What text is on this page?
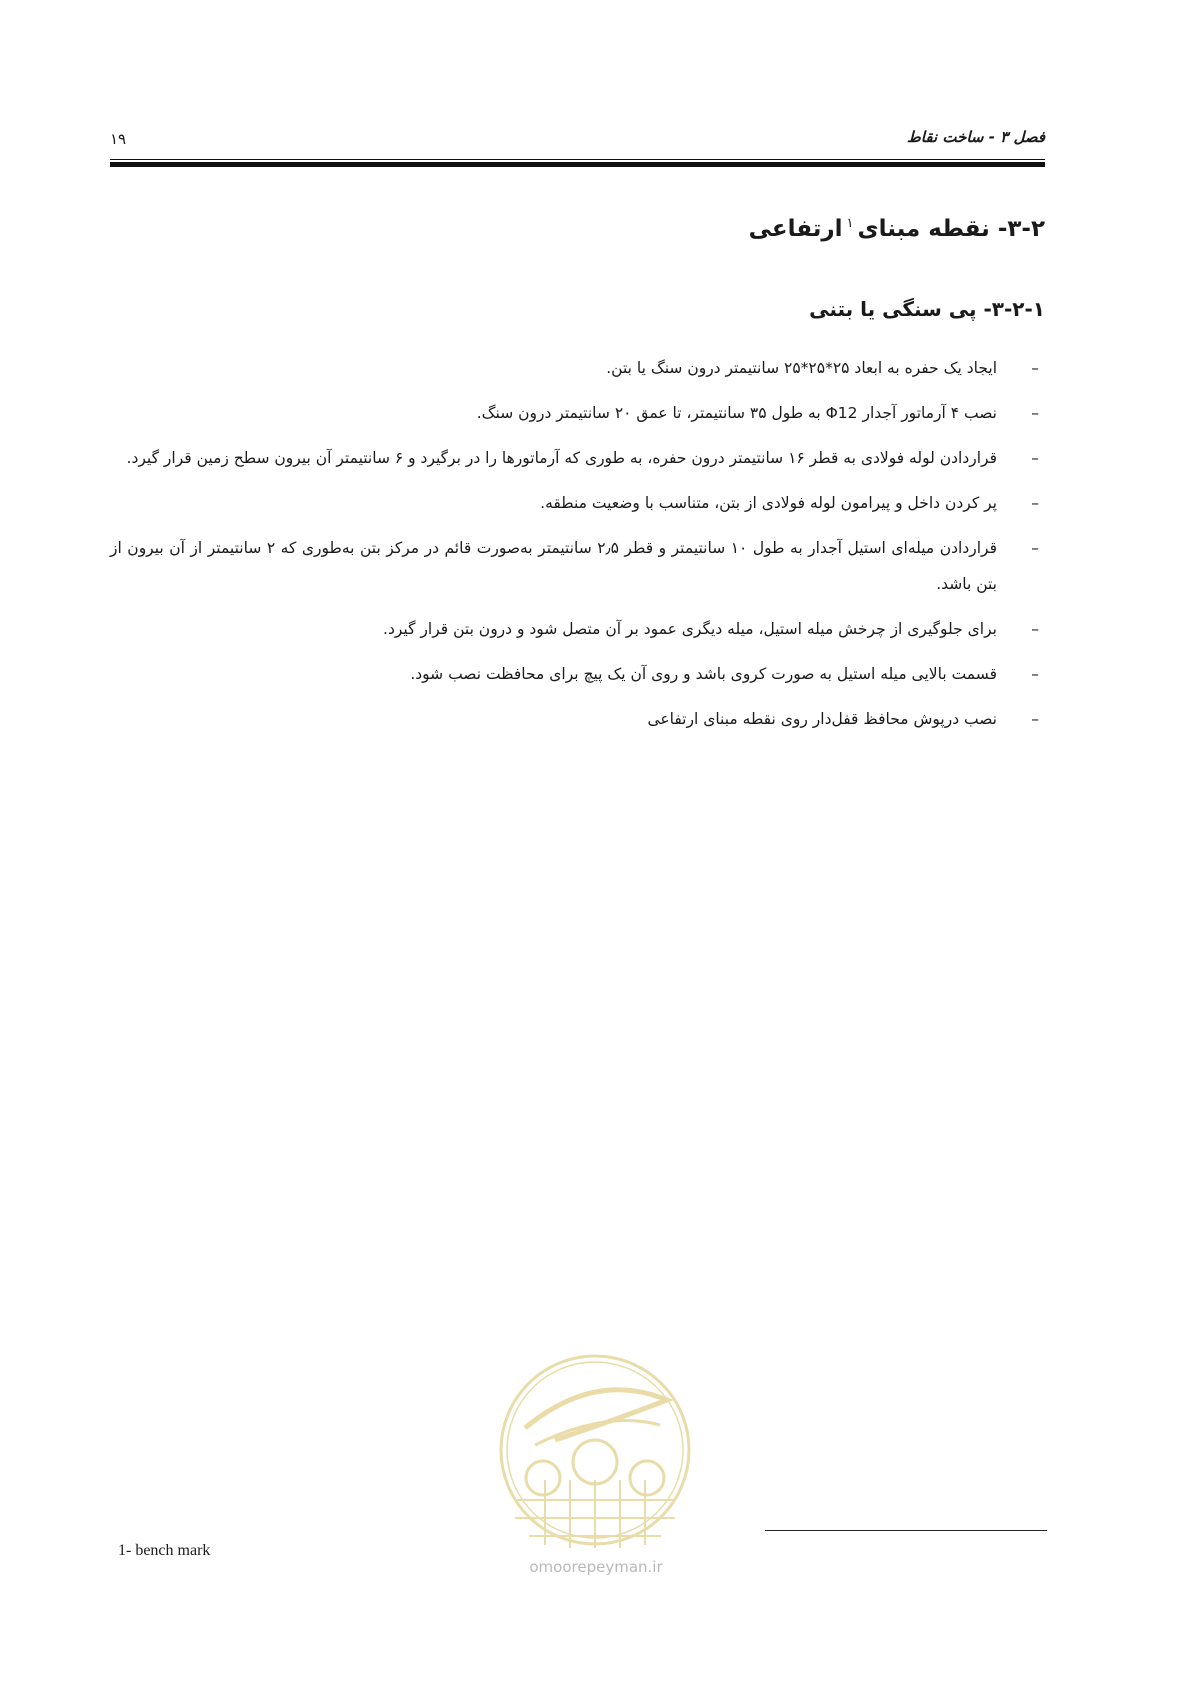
۱۹	فصل ۳ - ساخت نقاط
۳-۲- نقطه مبنای$^۱$ارتفاعی
۳-۲-۱- پی سنگی یا بتنی
–
ایجاد یک حفره به ابعاد ۲۵*۲۵*۲۵ سانتیمتر درون سنگ یا بتن.
–
نصب ۴ آرماتور آجدار Φ12 به طول ۳۵ سانتیمتر، تا عمق ۲۰ سانتیمتر درون سنگ.
–
قراردادن لوله فولادی به قطر ۱۶ سانتیمتر درون حفره، به طوری که آرماتورها را در برگیرد و ۶ سانتیمتر آن بیرون سطح زمین قرار گیرد.
–
پر کردن داخل و پیرامون لوله فولادی از بتن، متناسب با وضعیت منطقه.
–
قراردادن میله‌ای استیل آجدار به طول ۱۰ سانتیمتر و قطر ۲٫۵ سانتیمتر به‌صورت قائم در مرکز بتن به‌طوری که ۲ سانتیمتر از آن بیرون از بتن باشد.
–
برای جلوگیری از چرخش میله استیل، میله دیگری عمود بر آن متصل شود و درون بتن قرار گیرد.
–
قسمت بالایی میله استیل به صورت کروی باشد و روی آن یک پیچ برای محافظت نصب شود.
–
نصب درپوش محافظ قفل‌دار روی نقطه مبنای ارتفاعی
omoorepeyman.ir
1- bench mark
